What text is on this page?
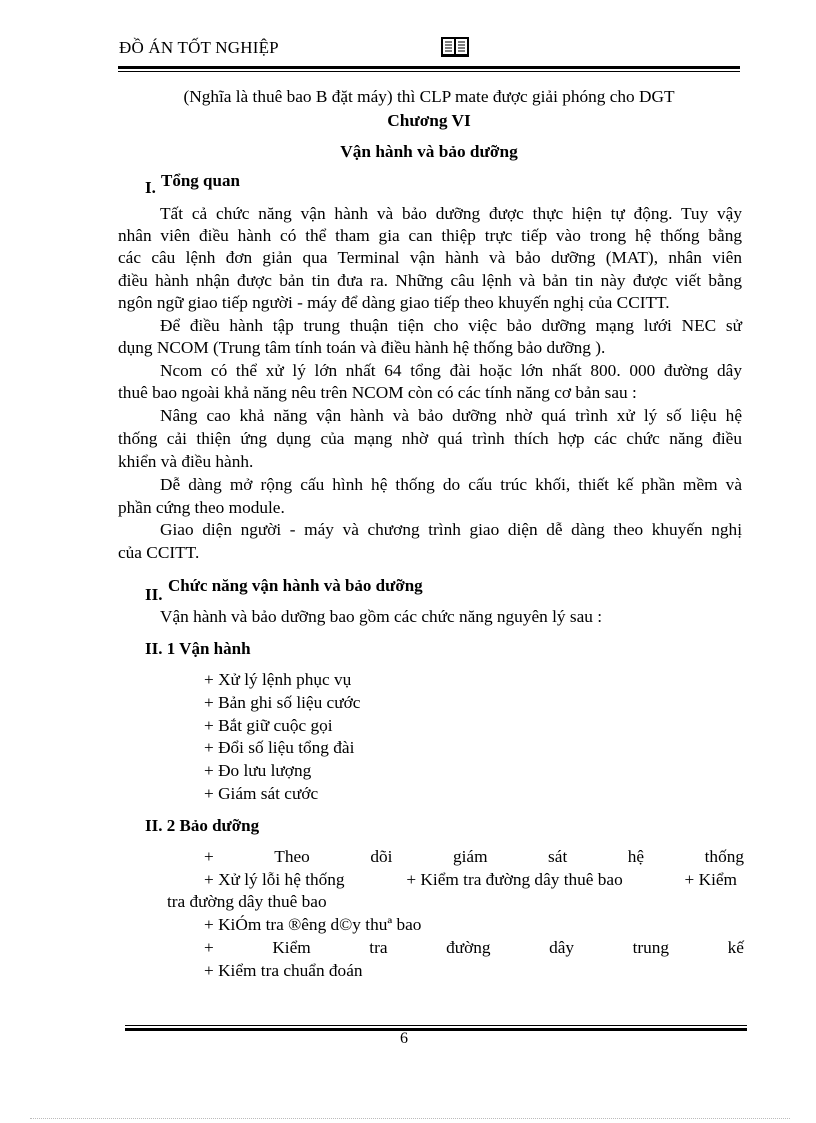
ĐỒ ÁN TỐT NGHIỆP
(Nghĩa là thuê bao B đặt máy) thì CLP mate được giải phóng cho DGT
Chương VI
Vận hành và bảo dưỡng
I. Tổng quan
Tất cả chức năng vận hành và bảo dưỡng được thực hiện tự động. Tuy vậy
nhân viên điều hành có thể tham gia can thiệp trực tiếp vào trong hệ thống bằng
các câu lệnh đơn giản qua Terminal vận hành và bảo dưỡng (MAT), nhân viên
điều hành nhận được bản tin đưa ra. Những câu lệnh và bản tin này được viết bằng
ngôn ngữ giao tiếp người - máy để dàng giao tiếp theo khuyến nghị của CCITT.
Để điều hành tập trung thuận tiện cho việc bảo dưỡng mạng lưới NEC sử
dụng NCOM (Trung tâm tính toán và điều hành hệ thống bảo dưỡng ).
Ncom có thể xử lý lớn nhất 64 tổng đài hoặc lớn nhất 800. 000 đường dây
thuê bao ngoài khả năng nêu trên NCOM còn có các tính năng cơ bản sau :
Nâng cao khả năng vận hành và bảo dưỡng nhờ quá trình xử lý số liệu hệ
thống cải thiện ứng dụng của mạng nhờ quá trình thích hợp các chức năng điều
khiển và điều hành.
Dễ dàng mở rộng cấu hình hệ thống do cấu trúc khối, thiết kế phần mềm và
phần cứng theo module.
Giao diện người - máy và chương trình giao diện dễ dàng theo khuyến nghị
của CCITT.
II. Chức năng vận hành và bảo dưỡng
Vận hành và bảo dưỡng bao gồm các chức năng nguyên lý sau :
II. 1 Vận hành
+ Xử lý lệnh phục vụ
+ Bản ghi số liệu cước
+ Bắt giữ cuộc gọi
+ Đổi số liệu tổng đài
+ Đo lưu lượng
+ Giám sát cước
II. 2 Bảo dưỡng
+	Theo	dõi	giám	sát	hệ	thống
+ Xử lý lỗi hệ thống	+ Kiểm tra đường dây thuê bao	+ Kiểm
tra đường dây thuê bao
+ KiÓm tra ®êng d©y thuª bao
+	Kiểm	tra	đường	dây	trung	kế
+ Kiểm tra chuẩn đoán
6
